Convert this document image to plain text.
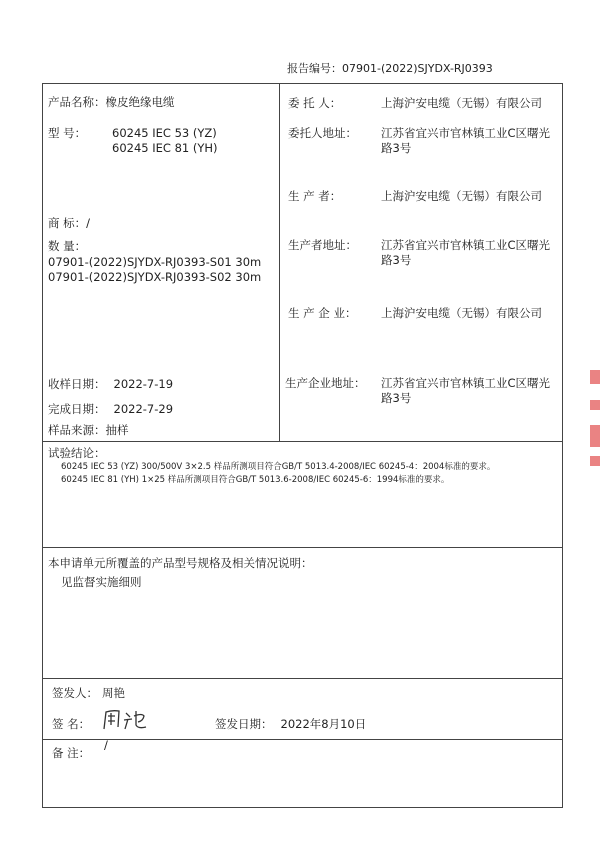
报告编号：07901-(2022)SJYDX-RJ0393
产品名称：橡皮绝缘电缆
型 号： 60245 IEC 53 (YZ)
60245 IEC 81 (YH)
商 标：/
数 量：
07901-(2022)SJYDX-RJ0393-S01 30m
07901-(2022)SJYDX-RJ0393-S02 30m
收样日期： 2022-7-19
完成日期： 2022-7-29
样品来源：抽样
委 托 人：	上海沪安电缆（无锡）有限公司
委托人地址： 江苏省宜兴市官林镇工业C区曙光
路3号
生 产 者：	上海沪安电缆（无锡）有限公司
生产者地址： 江苏省宜兴市官林镇工业C区曙光
路3号
生 产 企 业： 上海沪安电缆（无锡）有限公司
生产企业地址： 江苏省宜兴市官林镇工业C区曙光
路3号
试验结论：
60245 IEC 53 (YZ) 300/500V 3×2.5 样品所测项目符合GB/T 5013.4-2008/IEC 60245-4：2004标准的要求。
60245 IEC 81 (YH) 1×25 样品所测项目符合GB/T 5013.6-2008/IEC 60245-6：1994标准的要求。
本申请单元所覆盖的产品型号规格及相关情况说明：
见监督实施细则
签发人： 周艳
签 名：	签发日期： 2022年8月10日
备 注：
/
